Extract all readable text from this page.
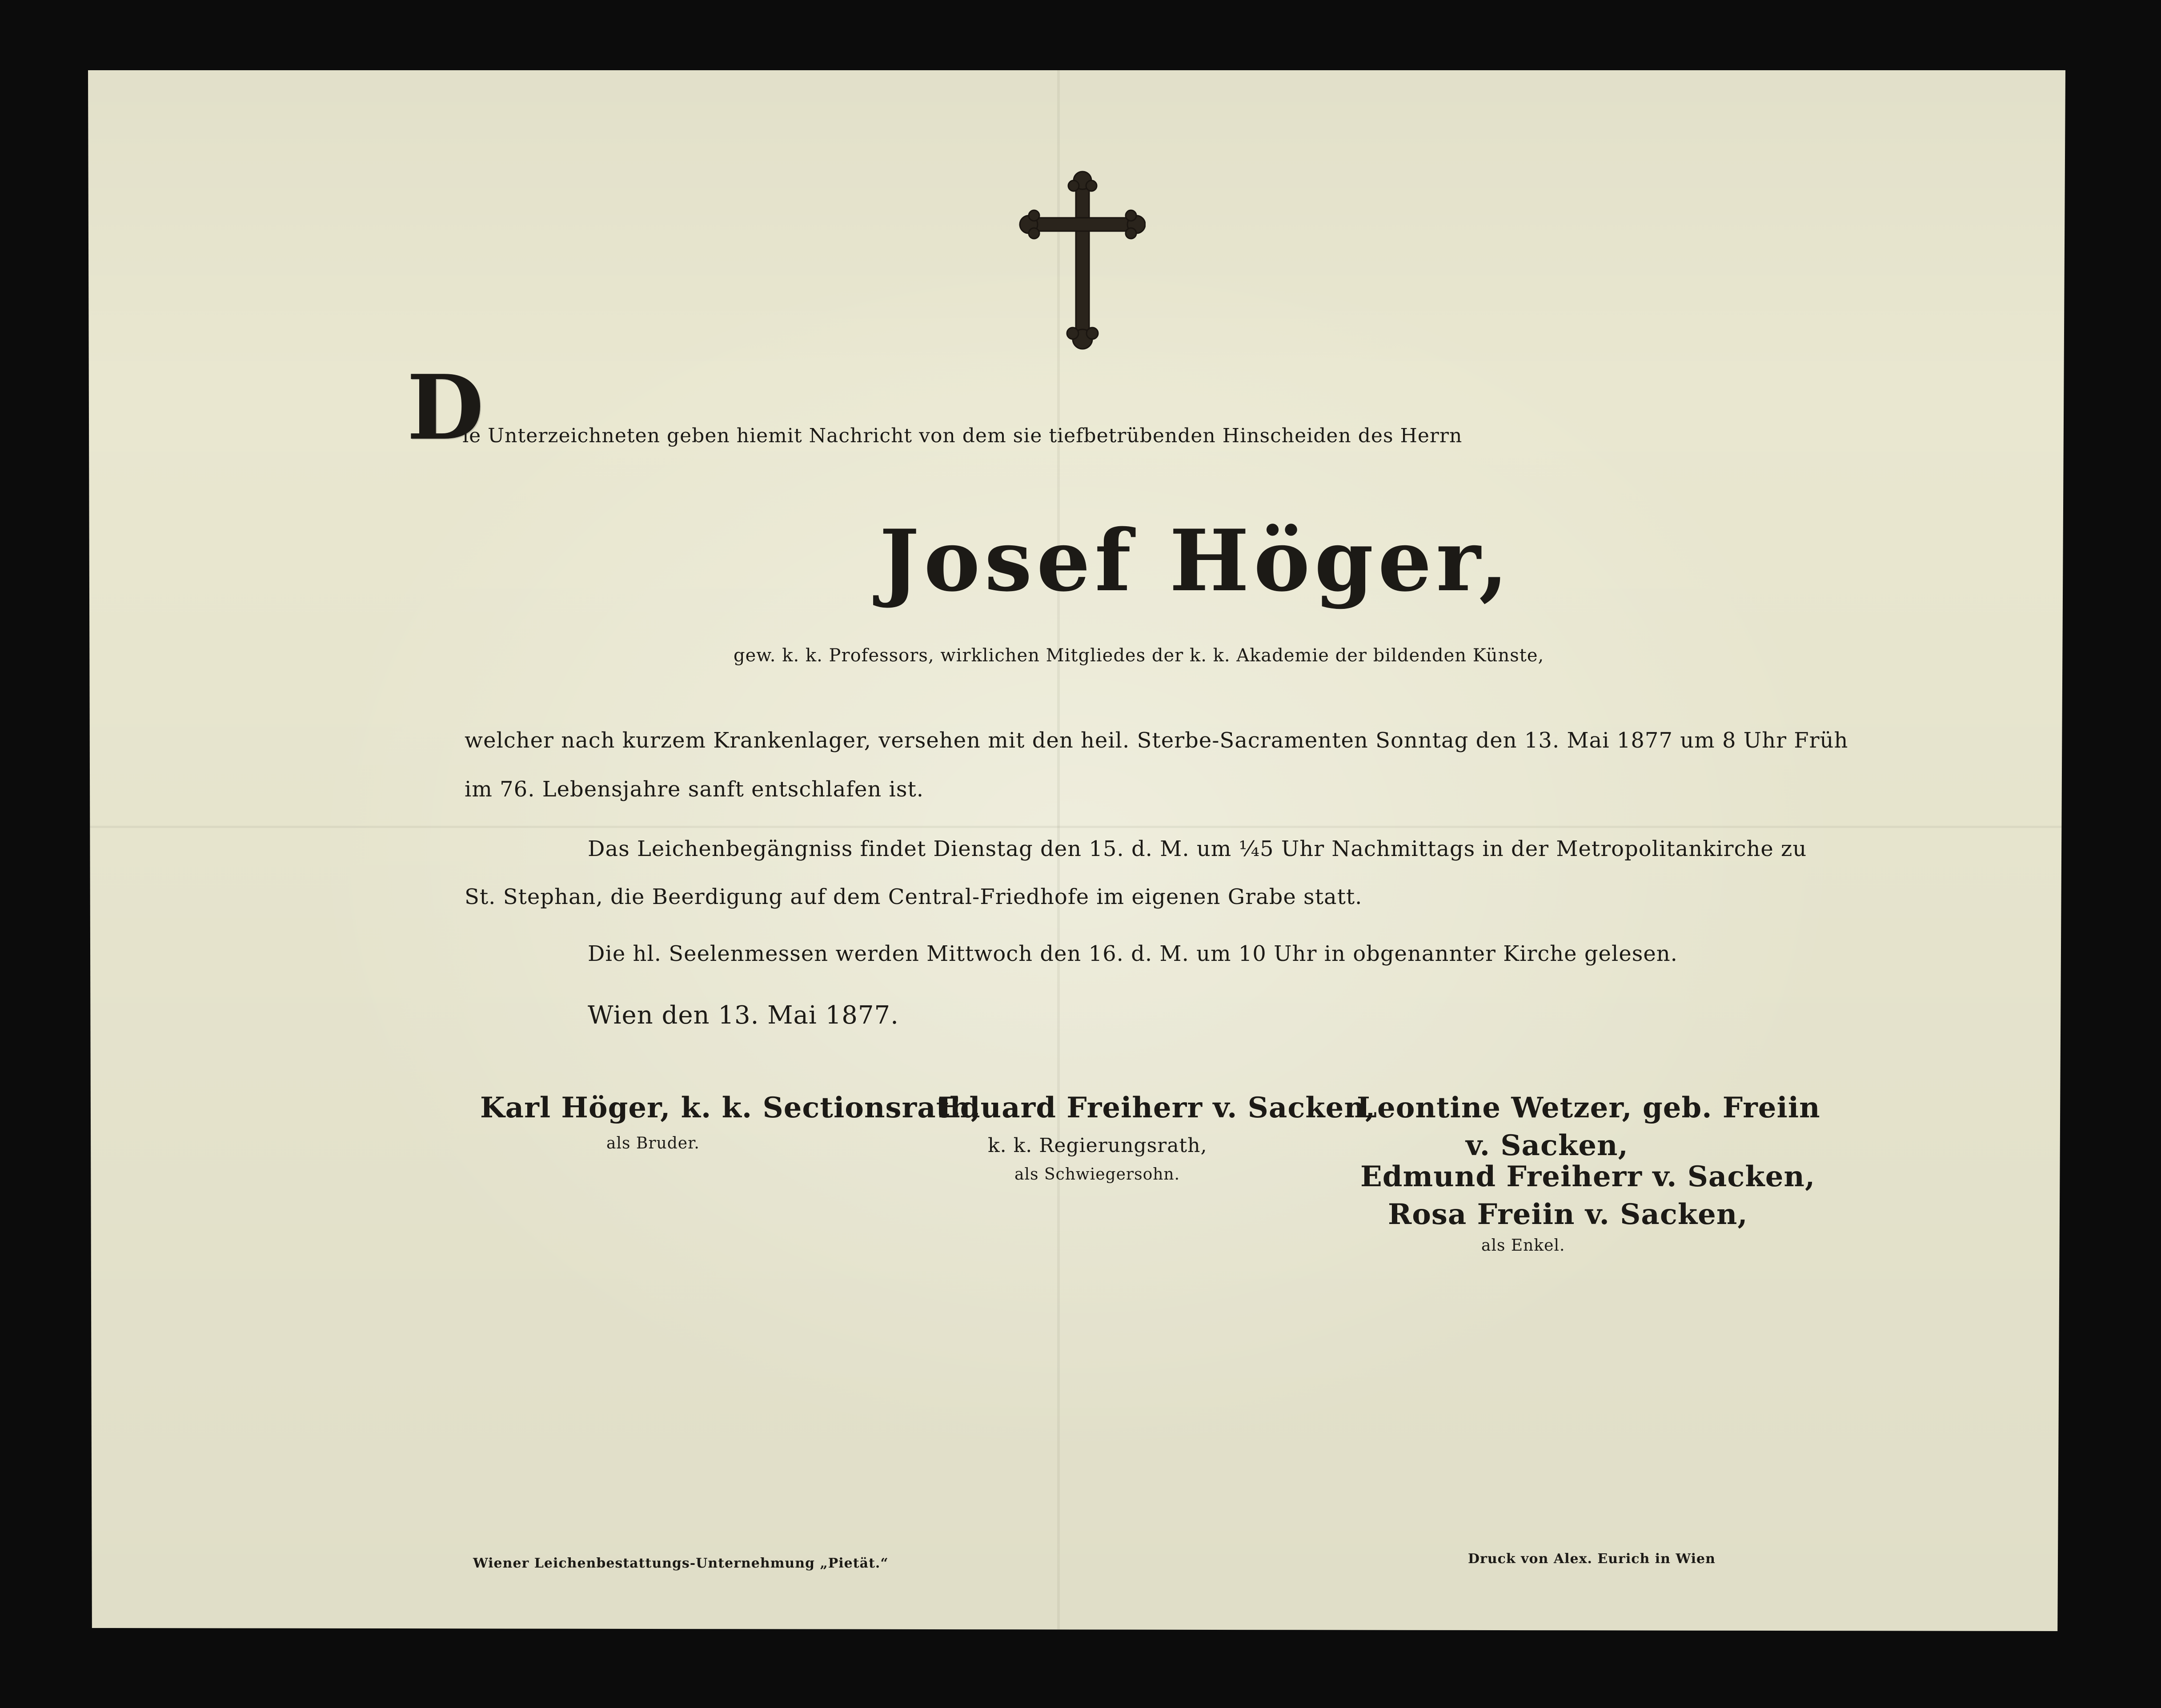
D
ie Unterzeichneten geben hiemit Nachricht von dem sie tiefbetrübenden Hinscheiden des Herrn
Josef Höger,
gew. k. k. Professors, wirklichen Mitgliedes der k. k. Akademie der bildenden Künste,
welcher nach kurzem Krankenlager, versehen mit den heil. Sterbe-Sacramenten Sonntag den 13. Mai 1877 um 8 Uhr Früh
im 76. Lebensjahre sanft entschlafen ist.
Das Leichenbegängniss findet Dienstag den 15. d. M. um ¼5 Uhr Nachmittags in der Metropolitankirche zu
St. Stephan, die Beerdigung auf dem Central-Friedhofe im eigenen Grabe statt.
Die hl. Seelenmessen werden Mittwoch den 16. d. M. um 10 Uhr in obgenannter Kirche gelesen.
Wien den 13. Mai 1877.
Karl Höger, k. k. Sectionsrath,
als Bruder.
Eduard Freiherr v. Sacken,
k. k. Regierungsrath,
als Schwiegersohn.
Leontine Wetzer, geb. Freiin
v. Sacken,
Edmund Freiherr v. Sacken,
Rosa Freiin v. Sacken,
als Enkel.
Wiener Leichenbestattungs-Unternehmung „Pietät.“	Druck von Alex. Eurich in Wien
